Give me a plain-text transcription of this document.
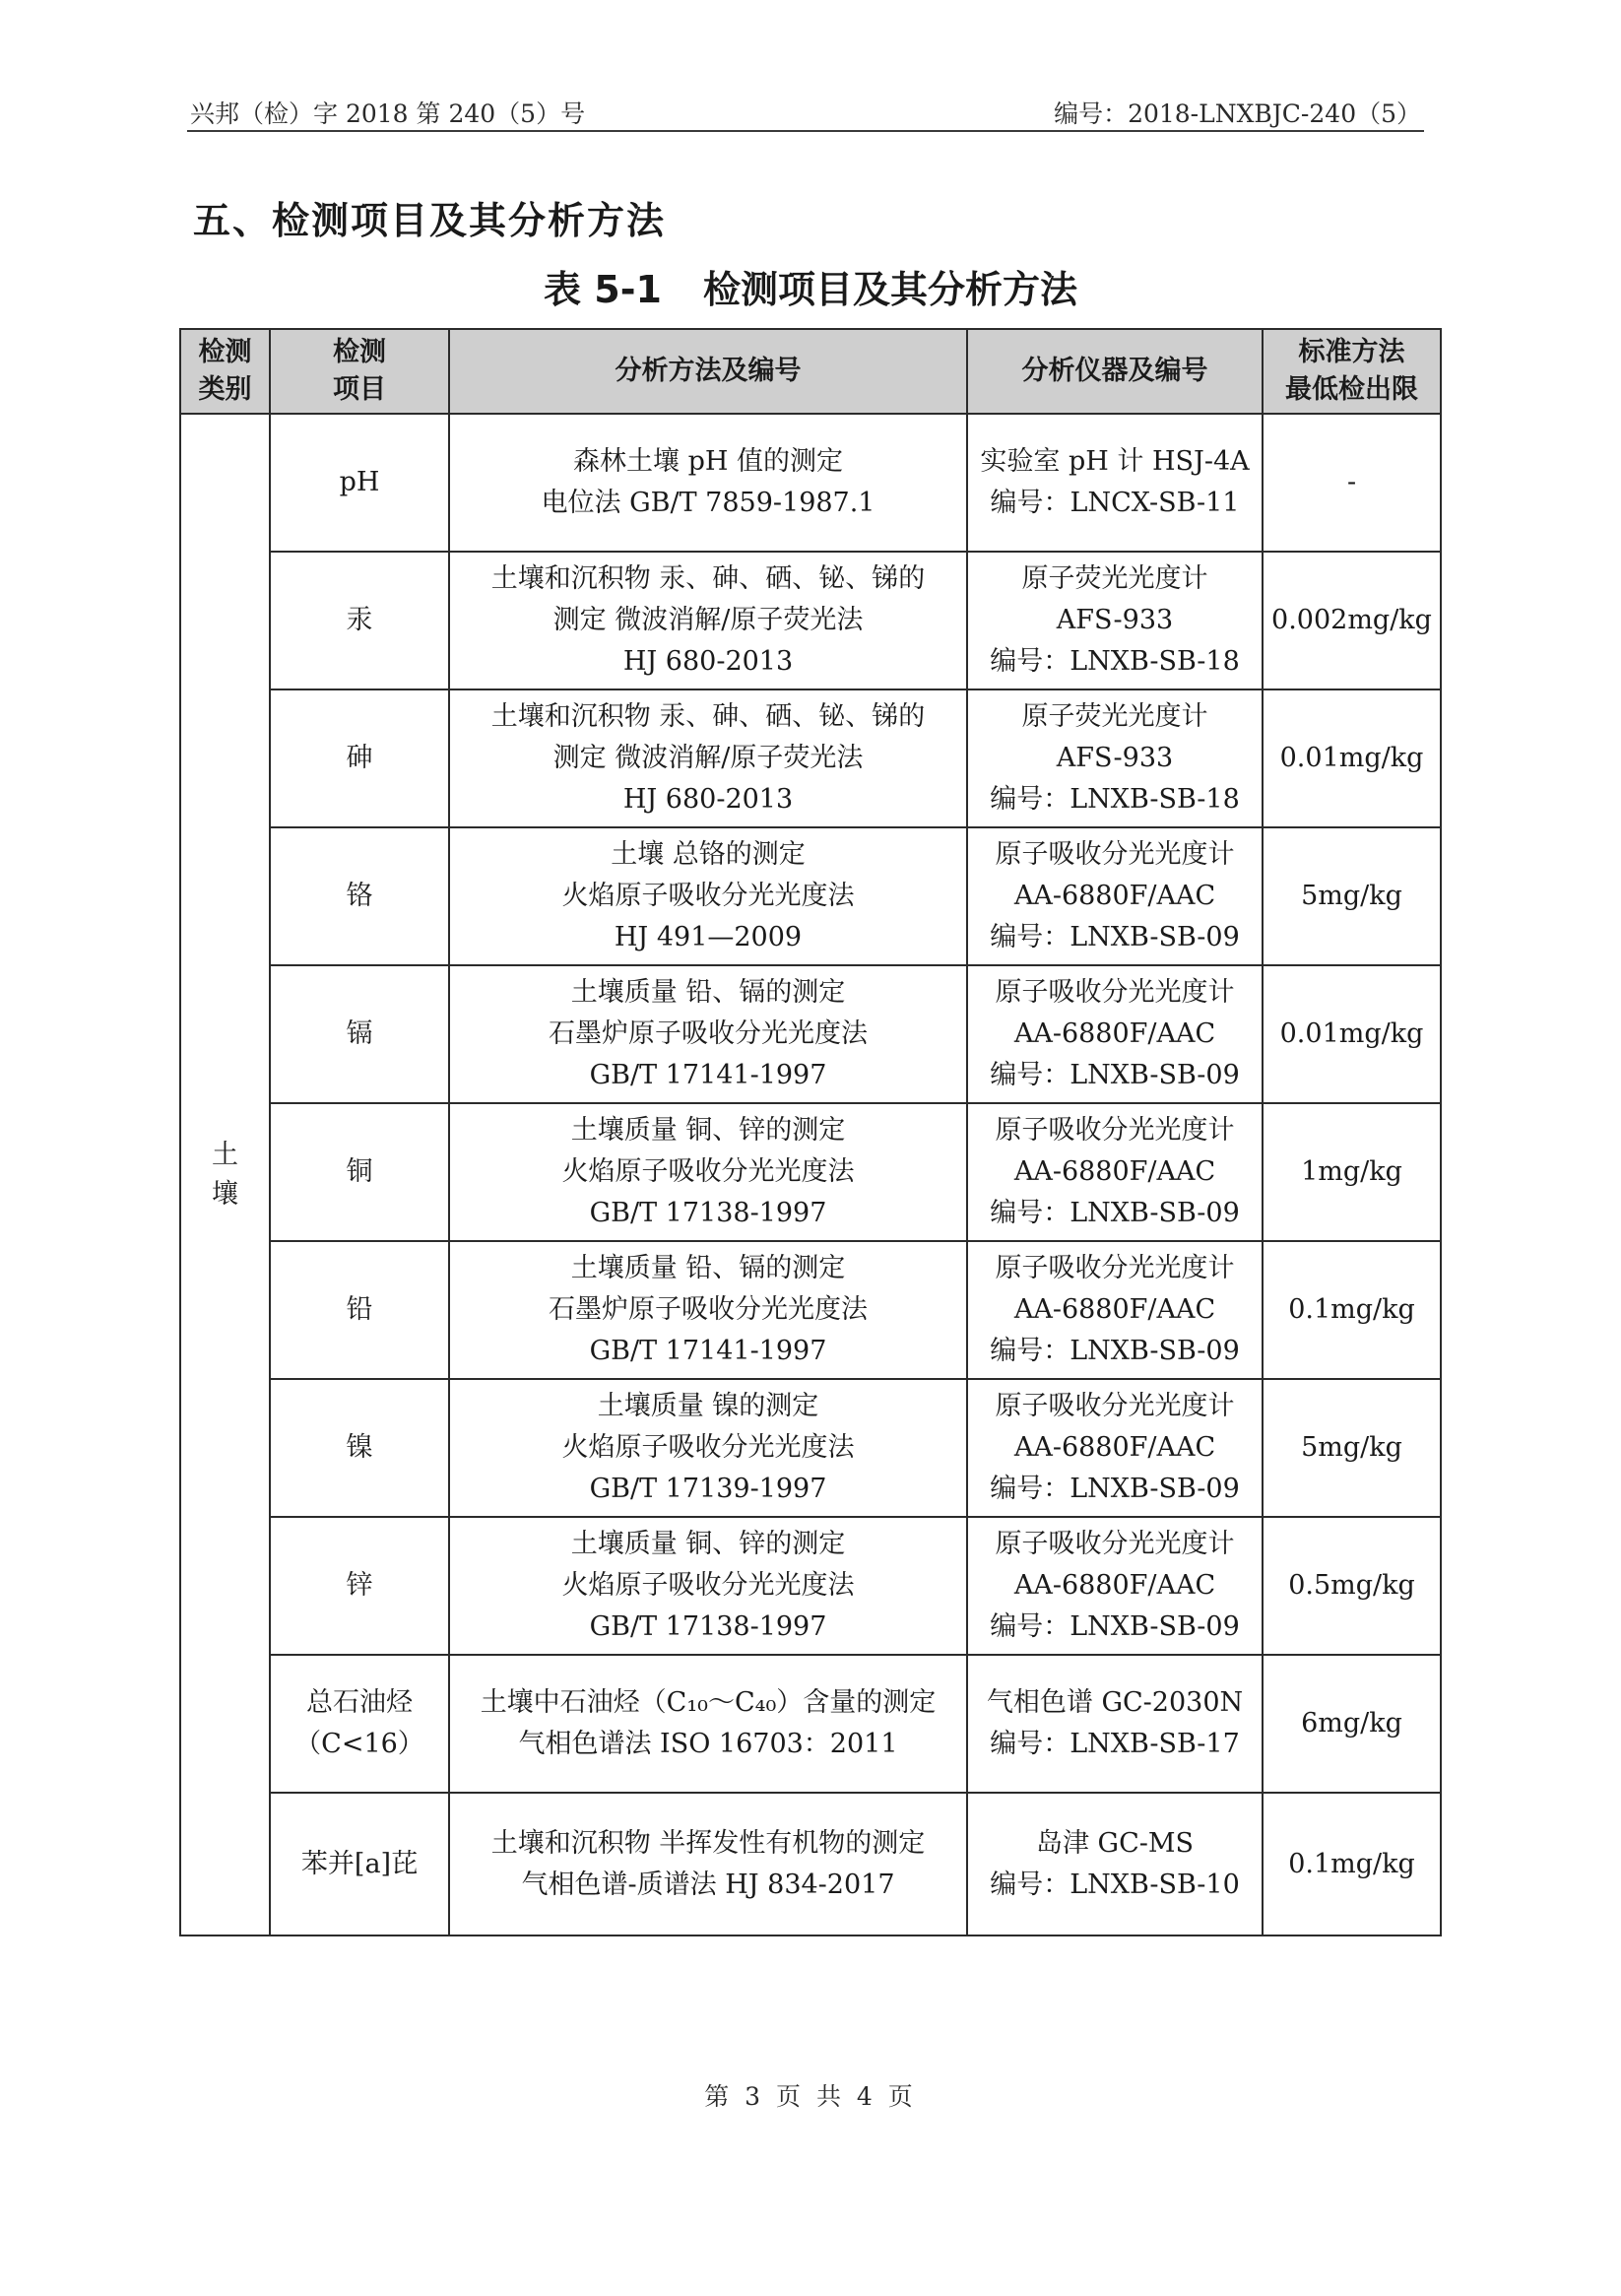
兴邦（检）字 2018 第 240（5）号	编号：2018-LNXBJC-240（5）
五、检测项目及其分析方法
表 5-1 检测项目及其分析方法
检测
类别	检测
项目	分析方法及编号	分析仪器及编号	标准方法
最低检出限

土
壤	pH	森林土壤 pH 值的测定
电位法 GB/T 7859-1987.1	实验室 pH 计 HSJ-4A
编号：LNCX-SB-11	-

	汞	土壤和沉积物 汞、砷、硒、铋、锑的
测定 微波消解/原子荧光法
HJ 680-2013	原子荧光光度计
AFS-933
编号：LNXB-SB-18	0.002mg/kg

	砷	土壤和沉积物 汞、砷、硒、铋、锑的
测定 微波消解/原子荧光法
HJ 680-2013	原子荧光光度计
AFS-933
编号：LNXB-SB-18	0.01mg/kg

	铬	土壤 总铬的测定
火焰原子吸收分光光度法
HJ 491—2009	原子吸收分光光度计
AA-6880F/AAC
编号：LNXB-SB-09	5mg/kg

	镉	土壤质量 铅、镉的测定
石墨炉原子吸收分光光度法
GB/T 17141-1997	原子吸收分光光度计
AA-6880F/AAC
编号：LNXB-SB-09	0.01mg/kg

	铜	土壤质量 铜、锌的测定
火焰原子吸收分光光度法
GB/T 17138-1997	原子吸收分光光度计
AA-6880F/AAC
编号：LNXB-SB-09	1mg/kg

	铅	土壤质量 铅、镉的测定
石墨炉原子吸收分光光度法
GB/T 17141-1997	原子吸收分光光度计
AA-6880F/AAC
编号：LNXB-SB-09	0.1mg/kg

	镍	土壤质量 镍的测定
火焰原子吸收分光光度法
GB/T 17139-1997	原子吸收分光光度计
AA-6880F/AAC
编号：LNXB-SB-09	5mg/kg

	锌	土壤质量 铜、锌的测定
火焰原子吸收分光光度法
GB/T 17138-1997	原子吸收分光光度计
AA-6880F/AAC
编号：LNXB-SB-09	0.5mg/kg

	总石油烃
（C<16）	土壤中石油烃（C₁₀～C₄₀）含量的测定
气相色谱法 ISO 16703：2011	气相色谱 GC-2030N
编号：LNXB-SB-17	6mg/kg

	苯并[a]芘	土壤和沉积物 半挥发性有机物的测定
气相色谱-质谱法 HJ 834-2017	岛津 GC-MS
编号：LNXB-SB-10	0.1mg/kg
第 3 页 共 4 页
